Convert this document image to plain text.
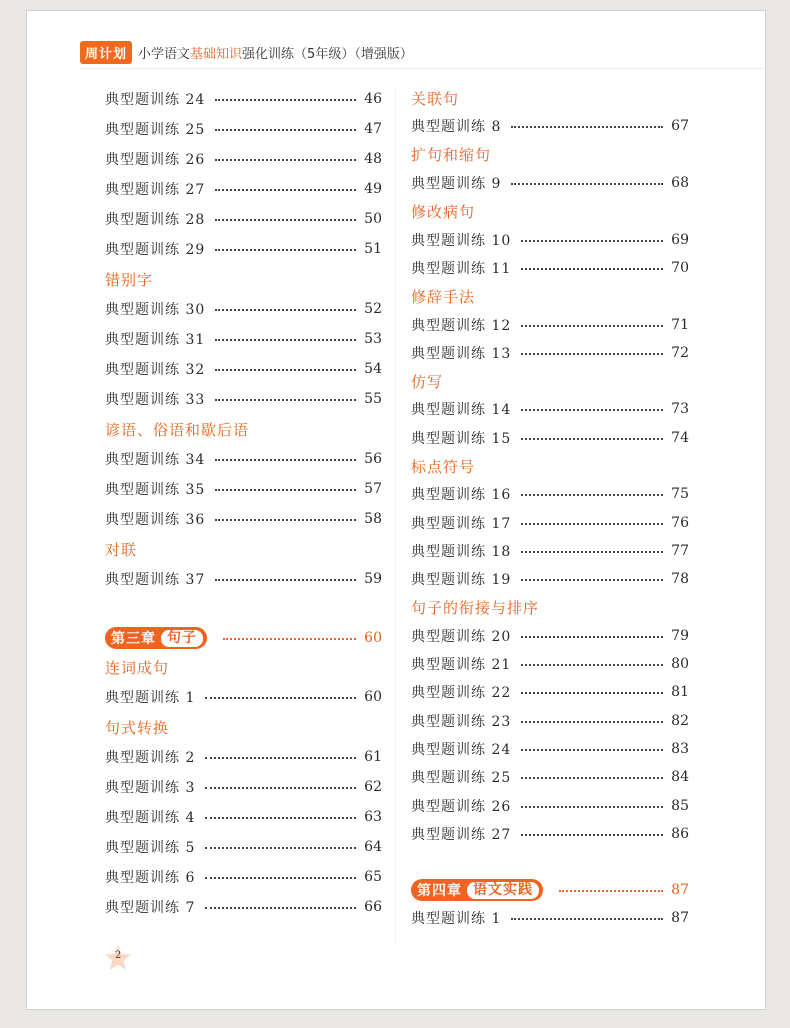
周计划 小学语文基础知识强化训练（5年级）（增强版）
典型题训练 24	46
典型题训练 25	47
典型题训练 26	48
典型题训练 27	49
典型题训练 28	50
典型题训练 29	51
错别字
典型题训练 30	52
典型题训练 31	53
典型题训练 32	54
典型题训练 33	55
谚语、俗语和歇后语
典型题训练 34	56
典型题训练 35	57
典型题训练 36	58
对联
典型题训练 37	59
第三章 句子	60
连词成句
典型题训练 1	60
句式转换
典型题训练 2	61
典型题训练 3	62
典型题训练 4	63
典型题训练 5	64
典型题训练 6	65
典型题训练 7	66
关联句
典型题训练 8	67
扩句和缩句
典型题训练 9	68
修改病句
典型题训练 10	69
典型题训练 11	70
修辞手法
典型题训练 12	71
典型题训练 13	72
仿写
典型题训练 14	73
典型题训练 15	74
标点符号
典型题训练 16	75
典型题训练 17	76
典型题训练 18	77
典型题训练 19	78
句子的衔接与排序
典型题训练 20	79
典型题训练 21	80
典型题训练 22	81
典型题训练 23	82
典型题训练 24	83
典型题训练 25	84
典型题训练 26	85
典型题训练 27	86
第四章 语文实践	87
典型题训练 1	87
2
